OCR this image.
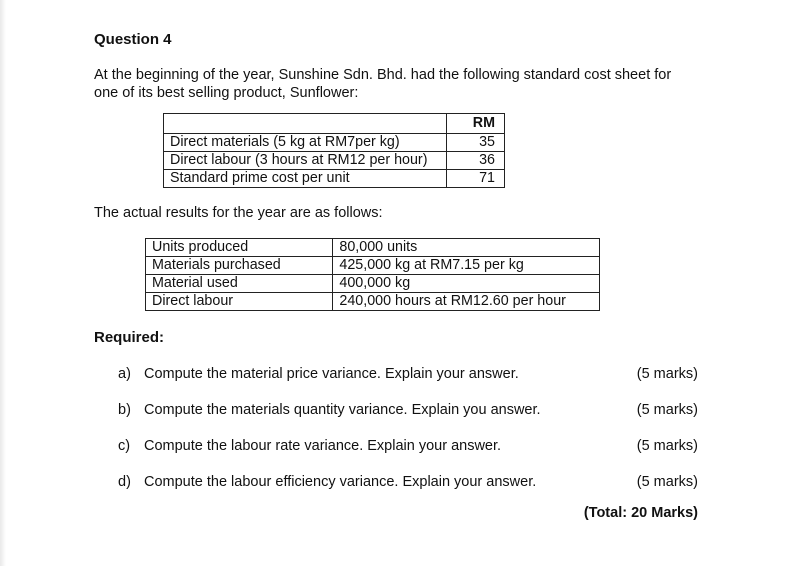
Question 4
At the beginning of the year, Sunshine Sdn. Bhd. had the following standard cost sheet for
one of its best selling product, Sunflower:
	RM
Direct materials (5 kg at RM7per kg)	35
Direct labour (3 hours at RM12 per hour)	36
Standard prime cost per unit	71
The actual results for the year are as follows:
Units produced	80,000 units
Materials purchased	425,000 kg at RM7.15 per kg
Material used	400,000 kg
Direct labour	240,000 hours at RM12.60 per hour
Required:
a) Compute the material price variance. Explain your answer.	(5 marks)
b) Compute the materials quantity variance. Explain you answer.	(5 marks)
c) Compute the labour rate variance. Explain your answer.	(5 marks)
d) Compute the labour efficiency variance. Explain your answer.	(5 marks)
(Total: 20 Marks)
